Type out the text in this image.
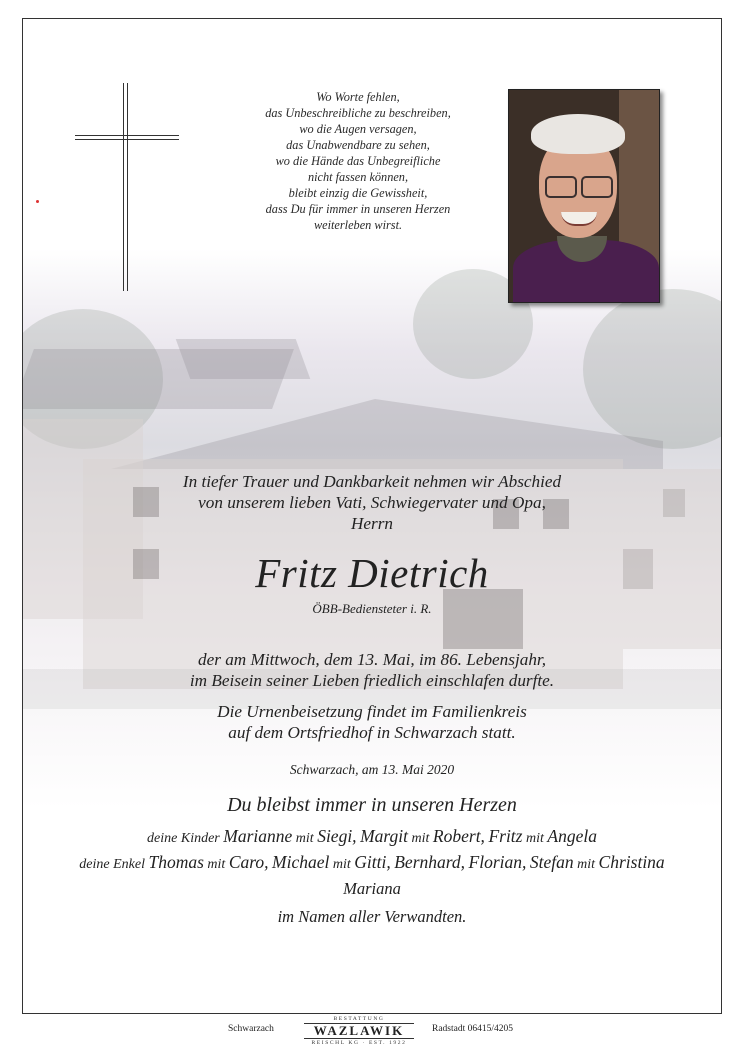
Wo Worte fehlen,
das Unbeschreibliche zu beschreiben,
wo die Augen versagen,
das Unabwendbare zu sehen,
wo die Hände das Unbegreifliche
nicht fassen können,
bleibt einzig die Gewissheit,
dass Du für immer in unseren Herzen
weiterleben wirst.
In tiefer Trauer und Dankbarkeit nehmen wir Abschied
von unserem lieben Vati, Schwiegervater und Opa,
Herrn
Fritz Dietrich
ÖBB-Bediensteter i. R.
der am Mittwoch, dem 13. Mai, im 86. Lebensjahr,
im Beisein seiner Lieben friedlich einschlafen durfte.
Die Urnenbeisetzung findet im Familienkreis
auf dem Ortsfriedhof in Schwarzach statt.
Schwarzach, am 13. Mai 2020
Du bleibst immer in unseren Herzen
deine Kinder Marianne mit Siegi, Margit mit Robert, Fritz mit Angela
deine Enkel Thomas mit Caro, Michael mit Gitti, Bernhard, Florian, Stefan mit Christina
Mariana
im Namen aller Verwandten.
Schwarzach
BESTATTUNG
WAZLAWIK
REISCHL KG · EST. 1922
Radstadt 06415/4205
